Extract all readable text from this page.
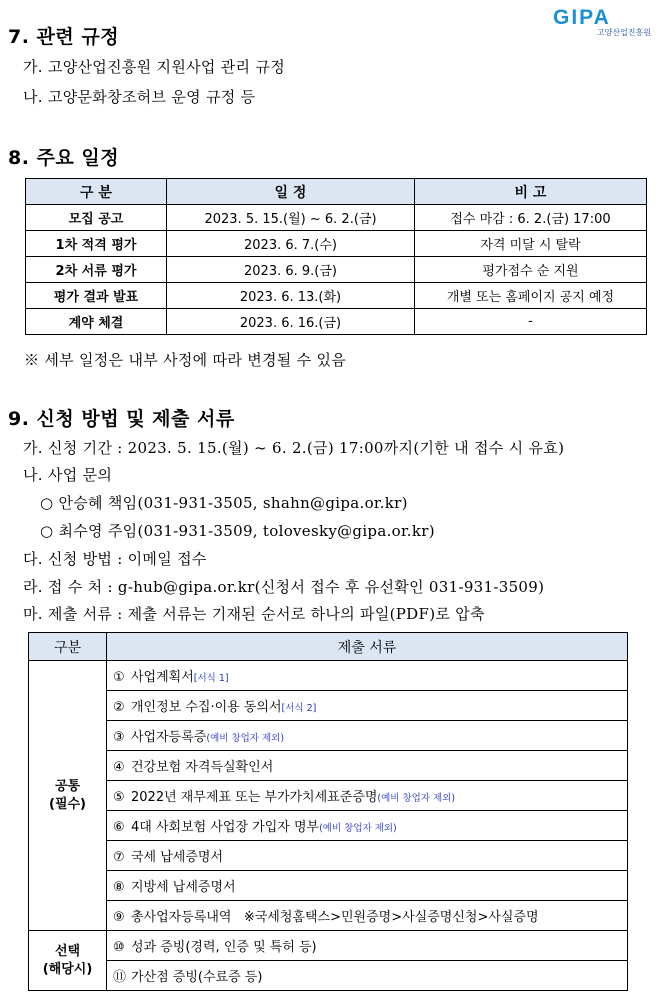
GIPA
고양산업진흥원
7. 관련 규정
가. 고양산업진흥원 지원사업 관리 규정
나. 고양문화창조허브 운영 규정 등
8. 주요 일정
구 분	일 정	비 고
모집 공고	2023. 5. 15.(월) ~ 6. 2.(금)	접수 마감 : 6. 2.(금) 17:00
1차 적격 평가	2023. 6. 7.(수)	자격 미달 시 탈락
2차 서류 평가	2023. 6. 9.(금)	평가점수 순 지원
평가 결과 발표	2023. 6. 13.(화)	개별 또는 홈페이지 공지 예정
계약 체결	2023. 6. 16.(금)	-
※ 세부 일정은 내부 사정에 따라 변경될 수 있음
9. 신청 방법 및 제출 서류
가. 신청 기간 : 2023. 5. 15.(월) ~ 6. 2.(금) 17:00까지(기한 내 접수 시 유효)
나. 사업 문의
○ 안승혜 책임(031-931-3505, shahn@gipa.or.kr)
○ 최수영 주임(031-931-3509, tolovesky@gipa.or.kr)
다. 신청 방법 : 이메일 접수
라. 접 수 처 : g-hub@gipa.or.kr(신청서 접수 후 유선확인 031-931-3509)
마. 제출 서류 : 제출 서류는 기재된 순서로 하나의 파일(PDF)로 압축
구분	제출 서류
공통
(필수)	① 사업계획서[서식 1]
	② 개인정보 수집·이용 동의서[서식 2]
	③ 사업자등록증(예비 창업자 제외)
	④ 건강보험 자격득실확인서
	⑤ 2022년 재무제표 또는 부가가치세표준증명(예비 창업자 제외)
	⑥ 4대 사회보험 사업장 가입자 명부(예비 창업자 제외)
	⑦ 국세 납세증명서
	⑧ 지방세 납세증명서
	⑨ 총사업자등록내역   ※국세청홈택스>민원증명>사실증명신청>사실증명
선택
(해당시)	⑩ 성과 증빙(경력, 인증 및 특허 등)
	⑪ 가산점 증빙(수료증 등)
